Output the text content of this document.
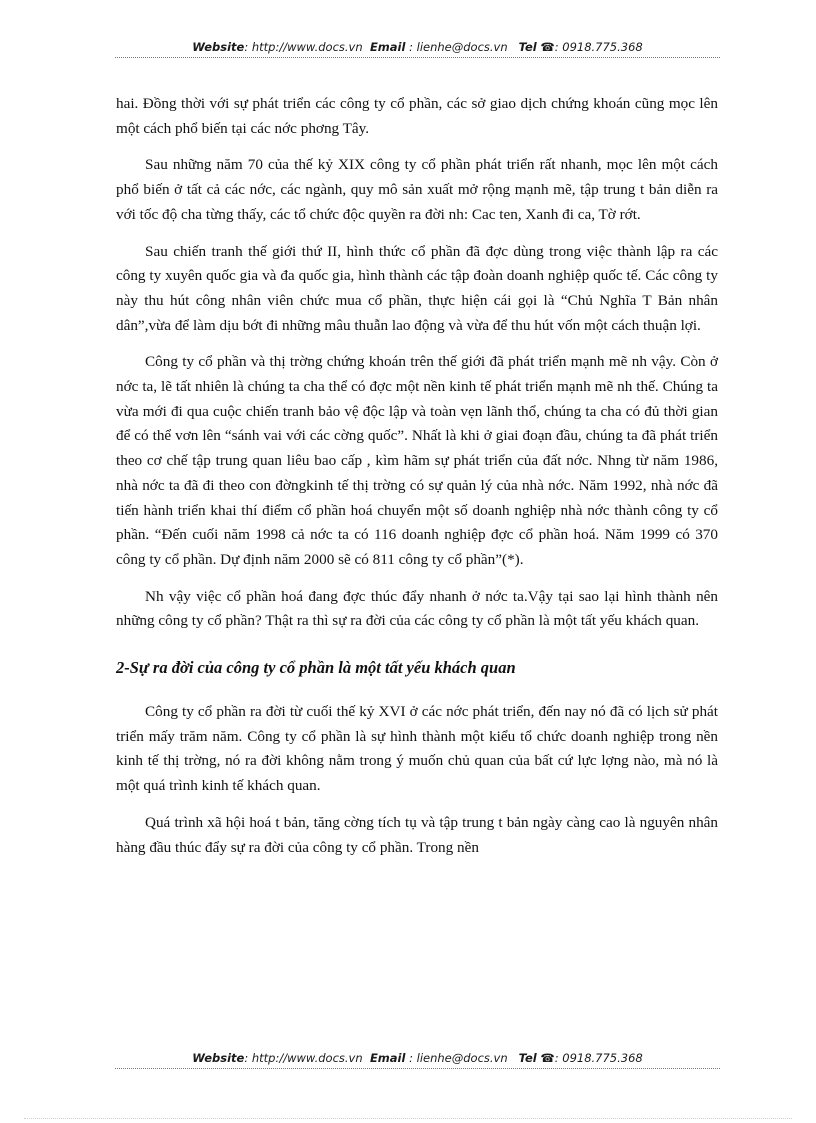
Website: http://www.docs.vn Email : lienhe@docs.vn Tel ☎: 0918.775.368

hai. Đồng thời với sự phát triển các công ty cổ phần, các sở giao dịch chứng khoán cũng mọc lên một cách phổ biến tại các nớc phơng Tây.

Sau những năm 70 của thế kỷ XIX công ty cổ phần phát triển rất nhanh, mọc lên một cách phổ biến ở tất cả các nớc, các ngành, quy mô sản xuất mở rộng mạnh mẽ, tập trung t bản diễn ra với tốc độ cha từng thấy, các tổ chức độc quyền ra đời nh: Cac ten, Xanh đi ca, Tờ rớt.

Sau chiến tranh thế giới thứ II, hình thức cổ phần đã đợc dùng trong việc thành lập ra các công ty xuyên quốc gia và đa quốc gia, hình thành các tập đoàn doanh nghiệp quốc tế. Các công ty này thu hút công nhân viên chức mua cổ phần, thực hiện cái gọi là “Chủ Nghĩa T Bản nhân dân”,vừa để làm dịu bớt đi những mâu thuẫn lao động và vừa để thu hút vốn một cách thuận lợi.

Công ty cổ phần và thị trờng chứng khoán trên thế giới đã phát triển mạnh mẽ nh vậy. Còn ở nớc ta, lẽ tất nhiên là chúng ta cha thể có đợc một nền kinh tế phát triển mạnh mẽ nh thế. Chúng ta vừa mới đi qua cuộc chiến tranh bảo vệ độc lập và toàn vẹn lãnh thổ, chúng ta cha có đủ thời gian để có thể vơn lên “sánh vai với các cờng quốc”. Nhất là khi ở giai đoạn đầu, chúng ta đã phát triển theo cơ chế tập trung quan liêu bao cấp , kìm hãm sự phát triển của đất nớc. Nhng từ năm 1986, nhà nớc ta đã đi theo con đờngkinh tế thị trờng có sự quản lý của nhà nớc. Năm 1992, nhà nớc đã tiến hành triển khai thí điểm cổ phần hoá chuyển một số doanh nghiệp nhà nớc thành công ty cổ phần. “Đến cuối năm 1998 cả nớc ta có 116 doanh nghiệp đợc cổ phần hoá. Năm 1999 có 370 công ty cổ phần. Dự định năm 2000 sẽ có 811 công ty cổ phần”(*).

Nh vậy việc cổ phần hoá đang đợc thúc đẩy nhanh ở nớc ta.Vậy tại sao lại hình thành nên những công ty cổ phần? Thật ra thì sự ra đời của các công ty cổ phần là một tất yếu khách quan.

2-Sự ra đời của công ty cổ phần là một tất yếu khách quan

Công ty cổ phần ra đời từ cuối thế kỷ XVI ở các nớc phát triển, đến nay nó đã có lịch sử phát triển mấy trăm năm. Công ty cổ phần là sự hình thành một kiểu tổ chức doanh nghiệp trong nền kinh tế thị trờng, nó ra đời không nằm trong ý muốn chủ quan của bất cứ lực lợng nào, mà nó là một quá trình kinh tế khách quan.

Quá trình xã hội hoá t bản, tăng cờng tích tụ và tập trung t bản ngày càng cao là nguyên nhân hàng đầu thúc đẩy sự ra đời của công ty cổ phần. Trong nền

Website: http://www.docs.vn Email : lienhe@docs.vn Tel ☎: 0918.775.368
